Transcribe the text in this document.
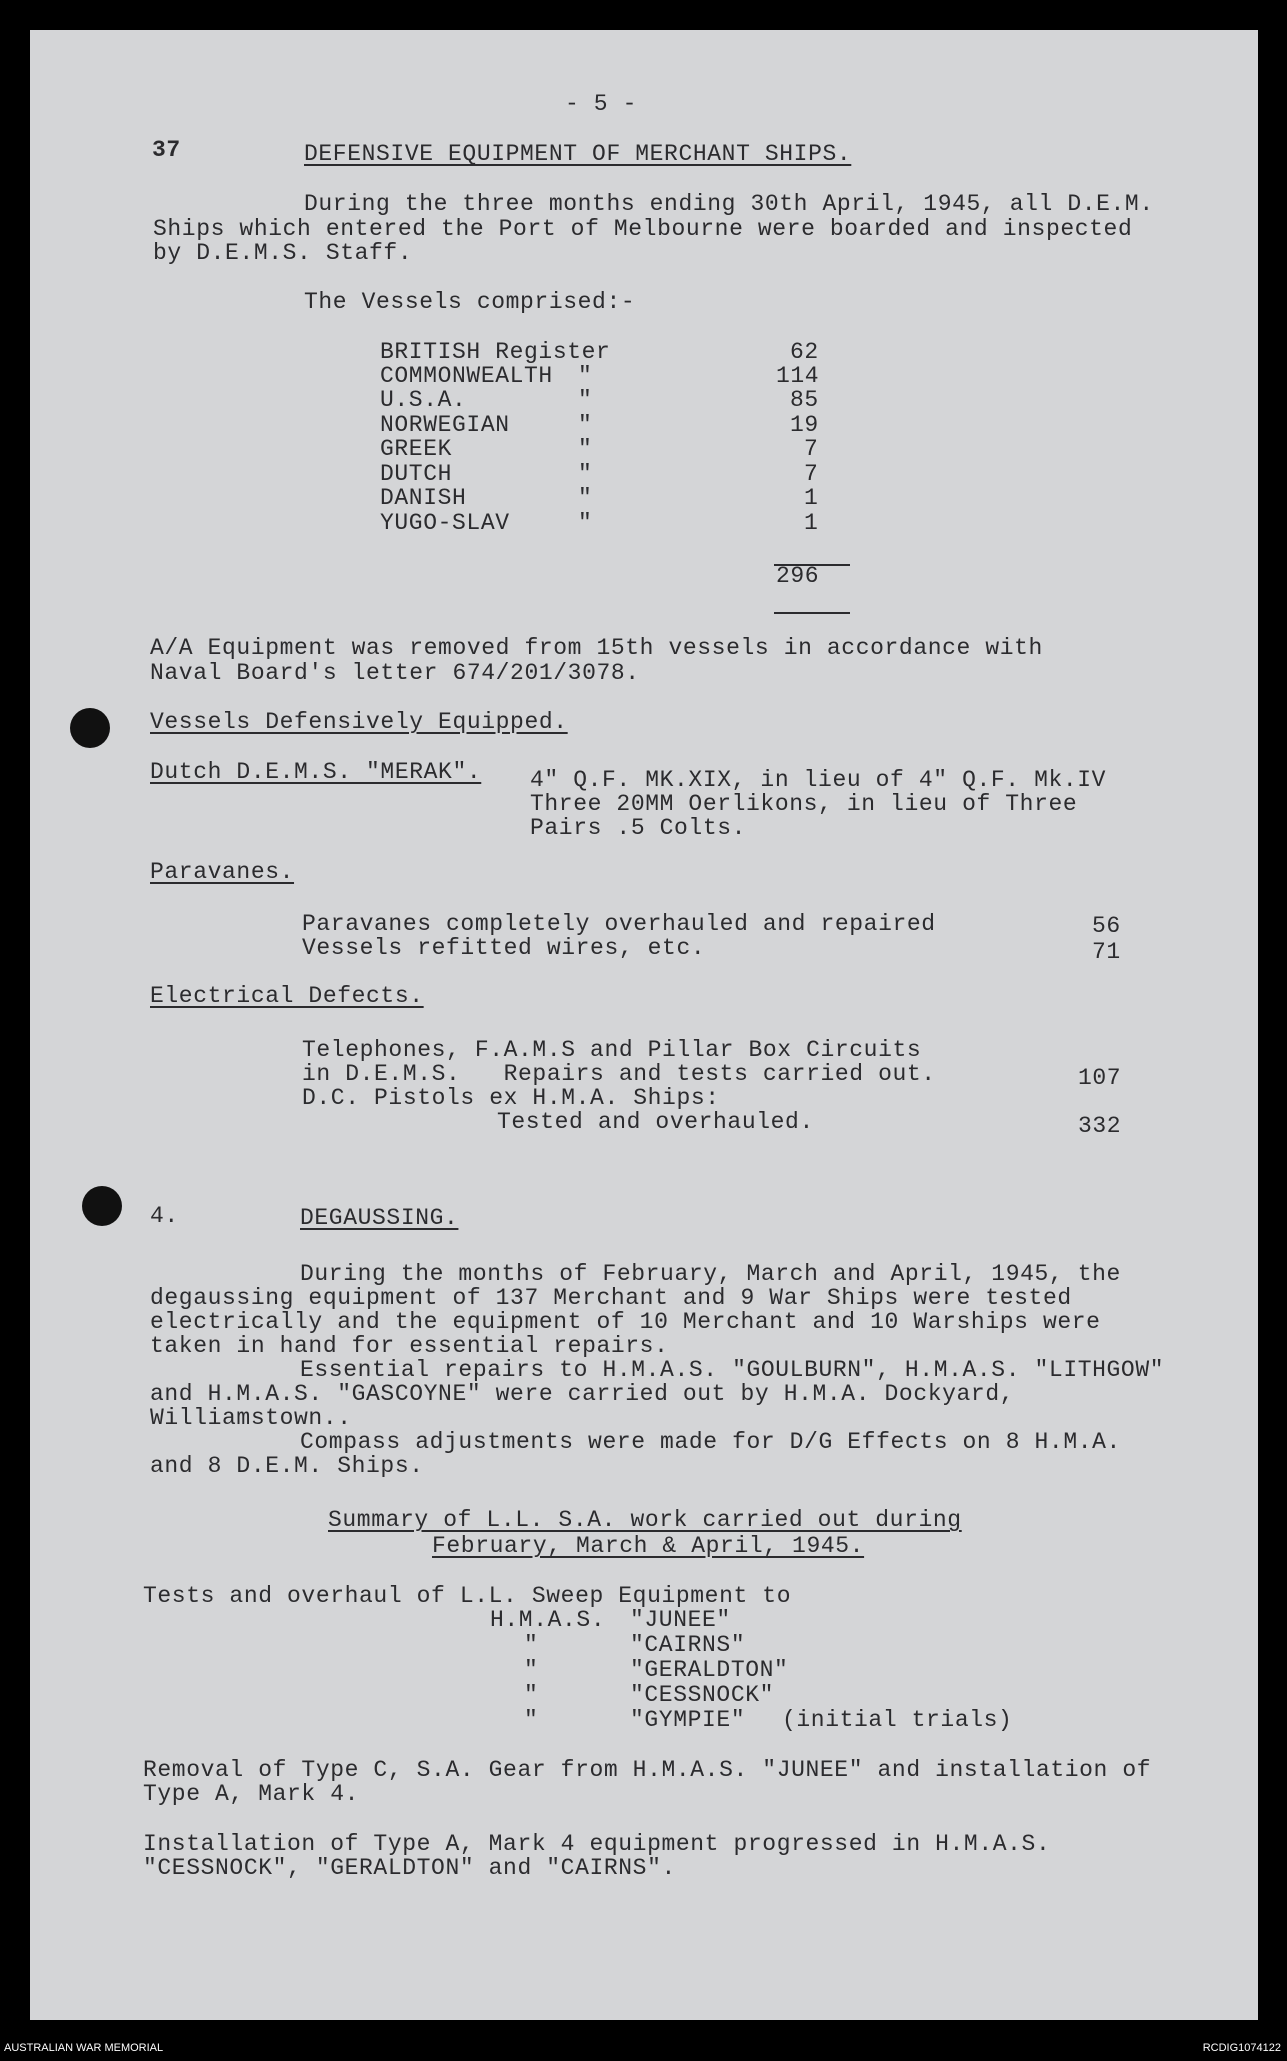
- 5 -
37	DEFENSIVE EQUIPMENT OF MERCHANT SHIPS.
During the three months ending 30th April, 1945, all D.E.M.
Ships which entered the Port of Melbourne were boarded and inspected
by D.E.M.S. Staff.
The Vessels comprised:-
BRITISH Register	62
COMMONWEALTH "	114
U.S.A.	"	85
NORWEGIAN	"	19
GREEK	"	7
DUTCH	"	7
DANISH	"	1
YUGO-SLAV	"	1
296
A/A Equipment was removed from 15th vessels in accordance with
Naval Board's letter 674/201/3078.
Vessels Defensively Equipped.
Dutch D.E.M.S. "MERAK". 4" Q.F. MK.XIX, in lieu of 4" Q.F. Mk.IV
Three 20MM Oerlikons, in lieu of Three
Pairs .5 Colts.
Paravanes.
Paravanes completely overhauled and repaired	56
Vessels refitted wires, etc.	71
Electrical Defects.
Telephones, F.A.M.S and Pillar Box Circuits
in D.E.M.S.   Repairs and tests carried out.	107
D.C. Pistols ex H.M.A. Ships:
Tested and overhauled.	332
4.	DEGAUSSING.
During the months of February, March and April, 1945, the
degaussing equipment of 137 Merchant and 9 War Ships were tested
electrically and the equipment of 10 Merchant and 10 Warships were
taken in hand for essential repairs.
Essential repairs to H.M.A.S. "GOULBURN", H.M.A.S. "LITHGOW"
and H.M.A.S. "GASCOYNE" were carried out by H.M.A. Dockyard,
Williamstown..
Compass adjustments were made for D/G Effects on 8 H.M.A.
and 8 D.E.M. Ships.
Summary of L.L. S.A. work carried out during
February, March & April, 1945.
Tests and overhaul of L.L. Sweep Equipment to
H.M.A.S. "JUNEE"
"	"CAIRNS"
"	"GERALDTON"
"	"CESSNOCK"
"	"GYMPIE" (initial trials)
Removal of Type C, S.A. Gear from H.M.A.S. "JUNEE" and installation of
Type A, Mark 4.
Installation of Type A, Mark 4 equipment progressed in H.M.A.S.
"CESSNOCK", "GERALDTON" and "CAIRNS".
AUSTRALIAN WAR MEMORIAL	RCDIG1074122
